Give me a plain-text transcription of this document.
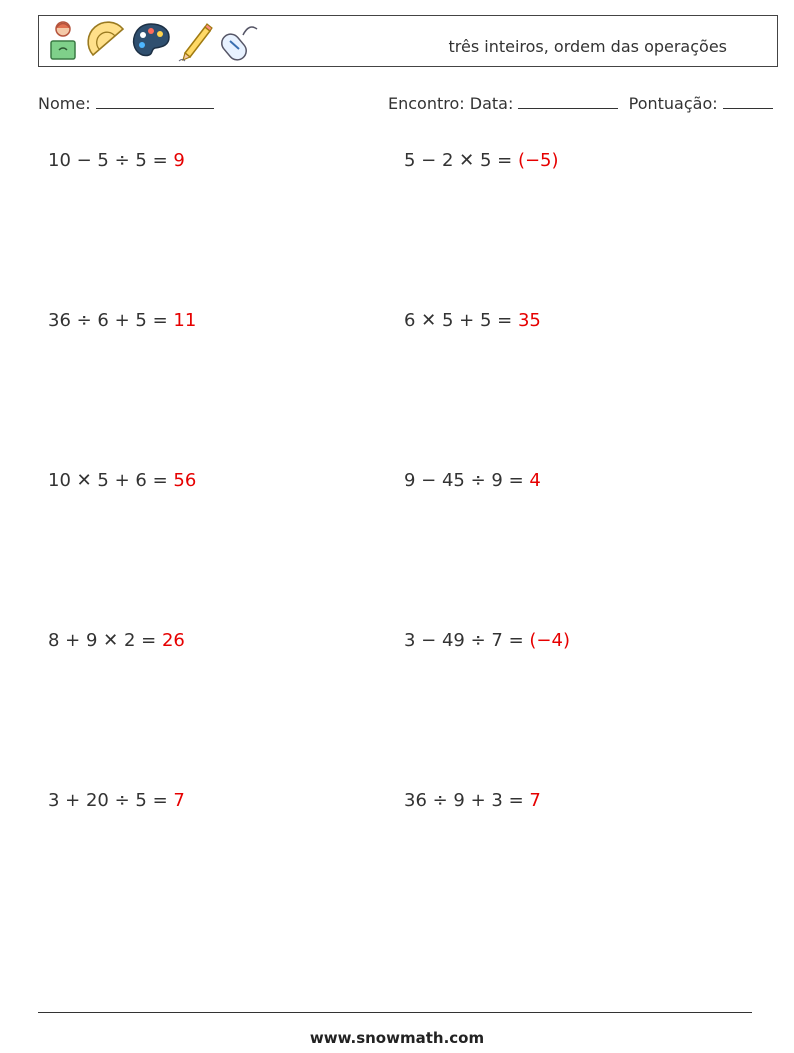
três inteiros, ordem das operações
Nome:	Encontro: Data:	Pontuação:
10 − 5 ÷ 5 = 9	5 − 2 ✕ 5 = (−5)
36 ÷ 6 + 5 = 11	6 ✕ 5 + 5 = 35
10 ✕ 5 + 6 = 56	9 − 45 ÷ 9 = 4
8 + 9 ✕ 2 = 26	3 − 49 ÷ 7 = (−4)
3 + 20 ÷ 5 = 7	36 ÷ 9 + 3 = 7
www.snowmath.com
